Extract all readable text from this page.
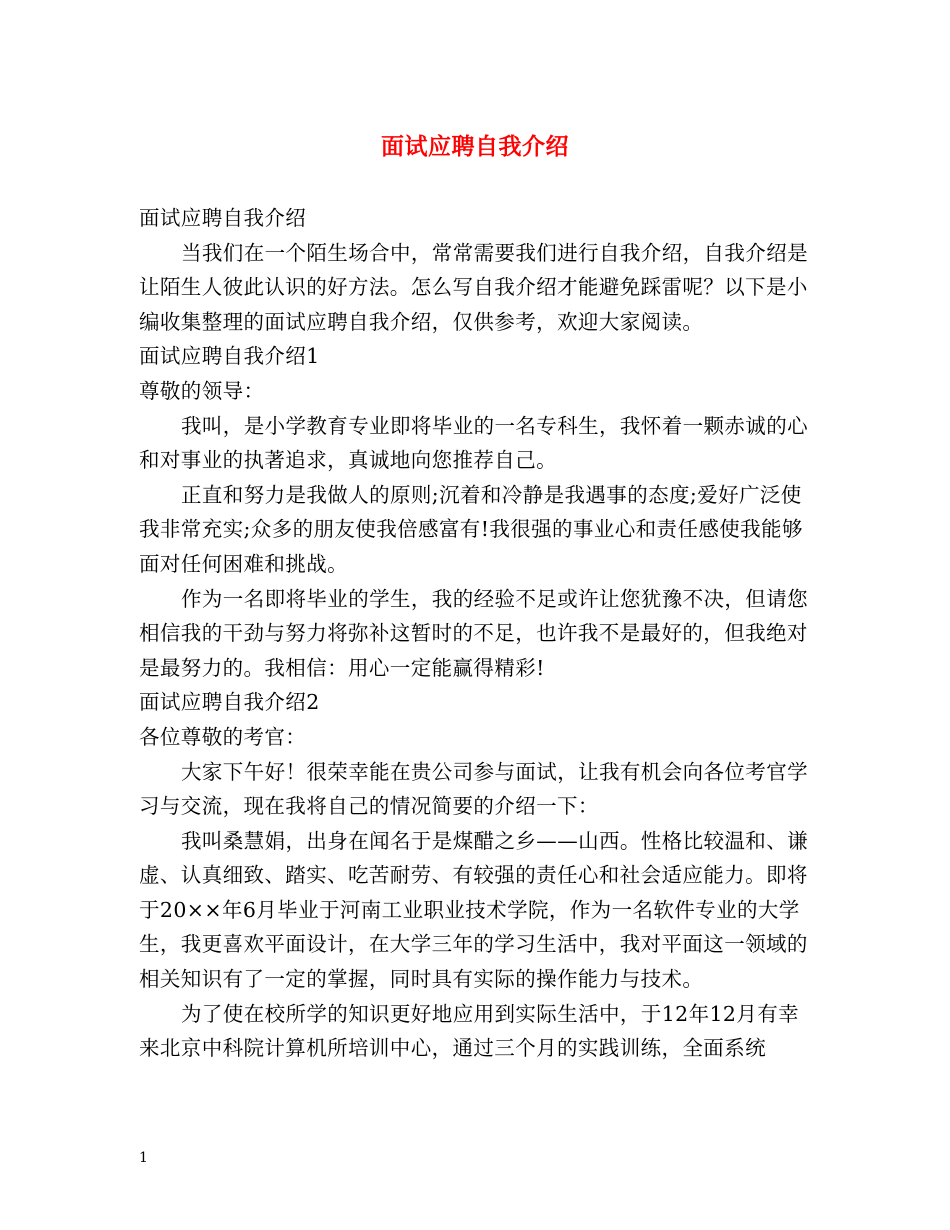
面试应聘自我介绍

面试应聘自我介绍

当我们在一个陌生场合中，常常需要我们进行自我介绍，自我介绍是让陌生人彼此认识的好方法。怎么写自我介绍才能避免踩雷呢？以下是小编收集整理的面试应聘自我介绍，仅供参考，欢迎大家阅读。

面试应聘自我介绍1

尊敬的领导：

我叫，是小学教育专业即将毕业的一名专科生，我怀着一颗赤诚的心和对事业的执著追求，真诚地向您推荐自己。

正直和努力是我做人的原则;沉着和冷静是我遇事的态度;爱好广泛使我非常充实;众多的朋友使我倍感富有!我很强的事业心和责任感使我能够面对任何困难和挑战。

作为一名即将毕业的学生，我的经验不足或许让您犹豫不决，但请您相信我的干劲与努力将弥补这暂时的不足，也许我不是最好的，但我绝对是最努力的。我相信：用心一定能赢得精彩!

面试应聘自我介绍2

各位尊敬的考官：

大家下午好！很荣幸能在贵公司参与面试，让我有机会向各位考官学习与交流，现在我将自己的情况简要的介绍一下：

我叫桑慧娟，出身在闻名于是煤醋之乡——山西。性格比较温和、谦虚、认真细致、踏实、吃苦耐劳、有较强的责任心和社会适应能力。即将于20××年6月毕业于河南工业职业技术学院，作为一名软件专业的大学生，我更喜欢平面设计，在大学三年的学习生活中，我对平面这一领域的相关知识有了一定的掌握，同时具有实际的操作能力与技术。

为了使在校所学的知识更好地应用到实际生活中，于12年12月有幸来北京中科院计算机所培训中心，通过三个月的实践训练，全面系统

1
